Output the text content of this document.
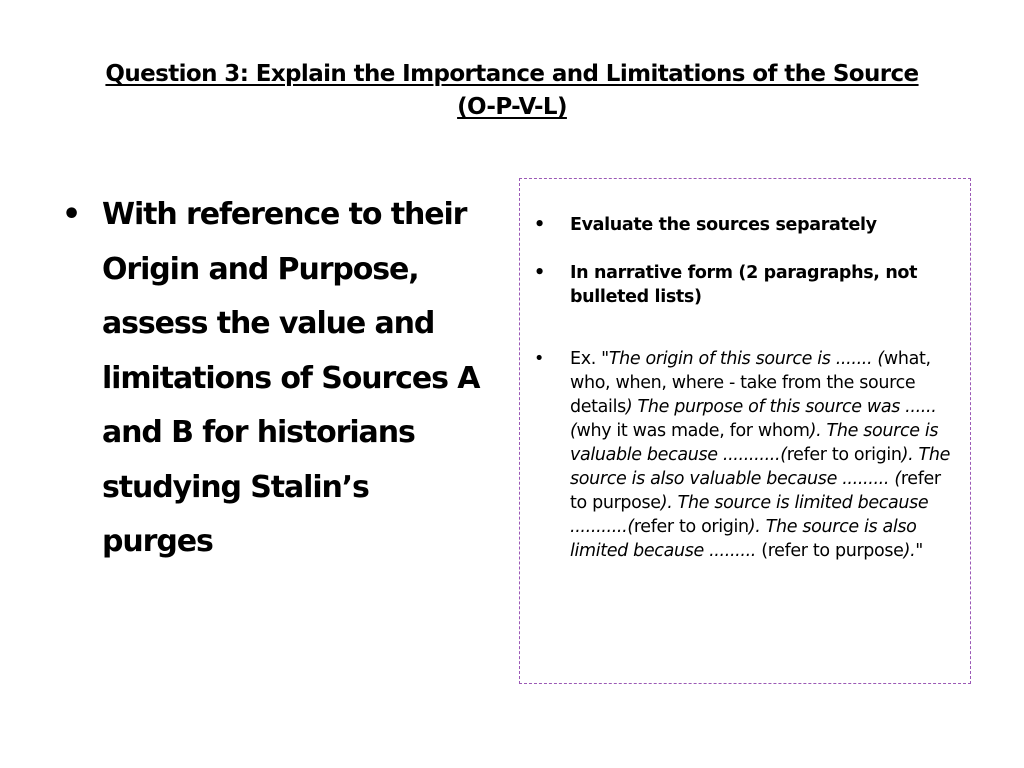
Question 3: Explain the Importance and Limitations of the Source
(O-P-V-L)
• With reference to their Origin and Purpose, assess the value and limitations of Sources A and B for historians studying Stalin’s purges
• Evaluate the sources separately
• In narrative form (2 paragraphs, not bulleted lists)
• Ex. "The origin of this source is ....... (what, who, when, where - take from the source details) The purpose of this source was ...... (why it was made, for whom). The source is valuable because ...........(refer to origin). The source is also valuable because ......... (refer to purpose). The source is limited because ...........(refer to origin). The source is also limited because ......... (refer to purpose)."
